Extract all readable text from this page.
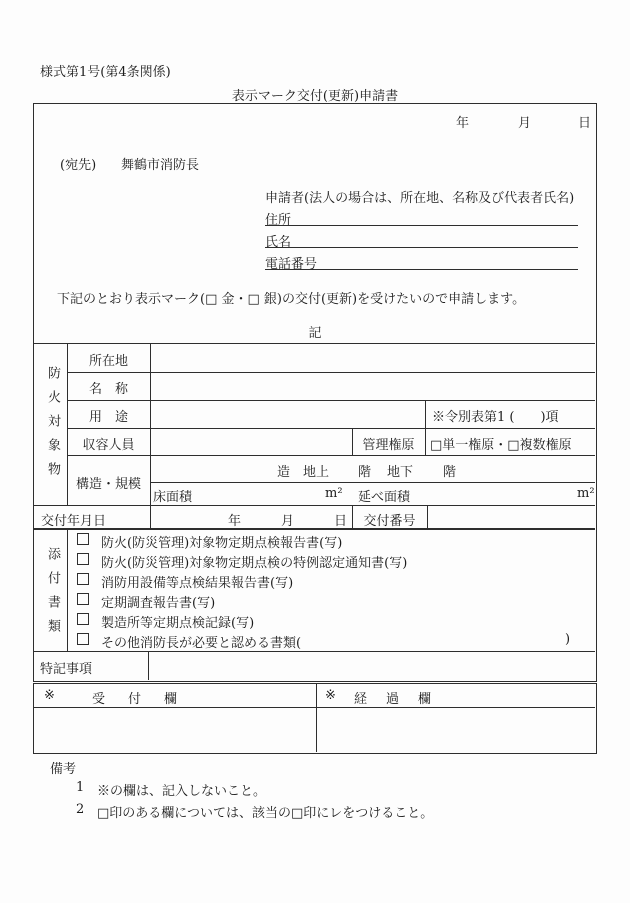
様式第1号(第4条関係)
表示マーク交付(更新)申請書
年	月	日
(宛先) 舞鶴市消防長
申請者(法人の場合は、所在地、名称及び代表者氏名)
住所
氏名
電話番号
下記のとおり表示マーク(□ 金・□ 銀)の交付(更新)を受けたいので申請します。
記
防火対象物
添付書類
所在地
名　称
用　途	※令別表第1 (　　)項
収容人員	管理権原	□単一権原・□複数権原
構造・規模
造 地上 階 地下 階
床面積	m² 延べ面積	m²
交付年月日	年	月	日	交付番号
防火(防災管理)対象物定期点検報告書(写)
防火(防災管理)対象物定期点検の特例認定通知書(写)
消防用設備等点検結果報告書(写)
定期調査報告書(写)
製造所等定期点検記録(写)
その他消防長が必要と認める書類(	)
特記事項
※	受　付　欄	※ 経　過　欄
備考
1 ※の欄は、記入しないこと。
2 □印のある欄については、該当の□印にレをつけること。
